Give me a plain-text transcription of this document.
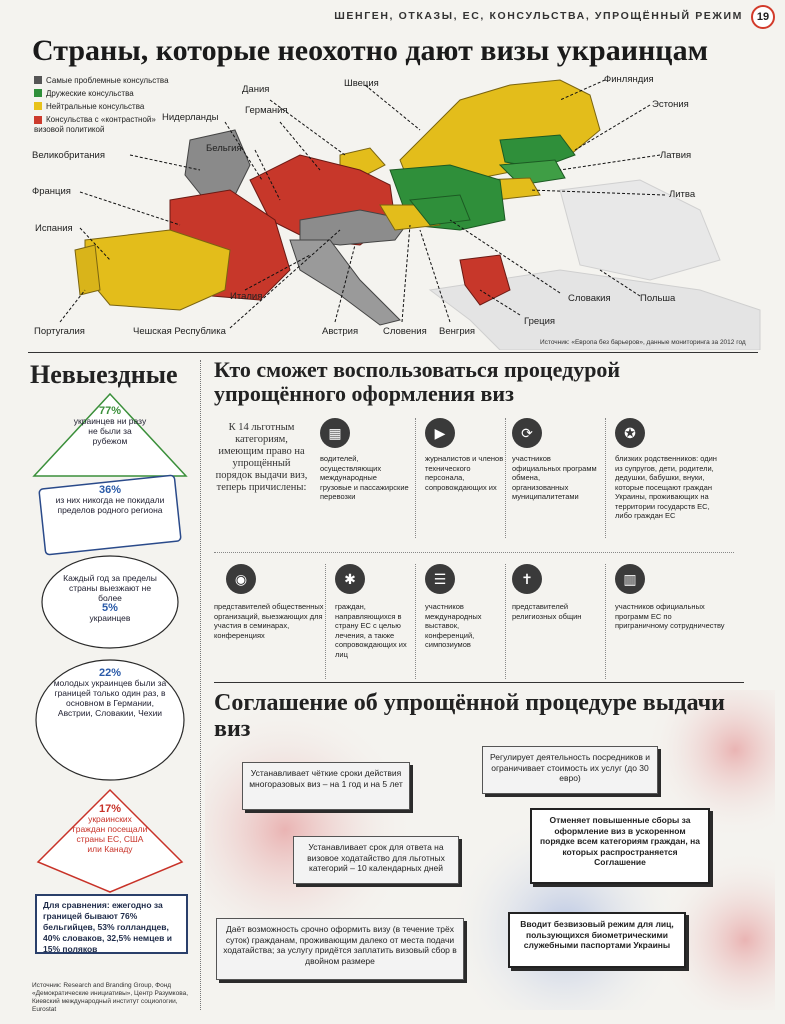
ШЕНГЕН, ОТКАЗЫ, ЕС, КОНСУЛЬСТВА, УПРОЩЁННЫЙ РЕЖИМ	19
Страны, которые неохотно дают визы украинцам
Самые проблемные консульства
Дружеские консульства
Нейтральные консульства
Консульства с «контрастной» визовой политикой
Дания
Швеция	Финляндия
Германия
Нидерланды
Эстония
Бельгия
Великобритания	Латвия
Франция	Литва
Испания
Италия	Словакия	Польша
Греция
Португалия	Чешская Республика	Австрия	Словения Венгрия
Источник: «Европа без барьеров», данные мониторинга за 2012 год
Невыездные
77%
украинцев ни разу не были за рубежом
36%
из них никогда не покидали пределов родного региона
Каждый год за пределы страны выезжают не более
5%
украинцев
22%
молодых украинцев были за границей только один раз, в основном в Германии, Австрии, Словакии, Чехии
17%
украинских граждан посещали страны ЕС, США или Канаду
Для сравнения: ежегодно за границей бывают 76% бельгийцев, 53% голландцев, 40% словаков, 32,5% немцев и 15% поляков
Источник: Research and Branding Group, Фонд «Демократические инициативы», Центр Разумкова, Киевский международный институт социологии, Eurostat
Кто сможет воспользоваться процедурой упрощённого оформления виз
К 14 льготным категориям, имеющим право на упрощённый порядок выдачи виз, теперь причислены:
▦
водителей, осуществляющих международные грузовые и пассажирские перевозки
▶
журналистов и членов технического персонала, сопровождающих их
⟳
участников официальных программ обмена, организованных муниципалитетами
✪
близких родственников: один из супругов, дети, родители, дедушки, бабушки, внуки, которые посещают граждан Украины, проживающих на территории государств ЕС, либо граждан ЕС
◉
представителей общественных организаций, выезжающих для участия в семинарах, конференциях
✱
граждан, направляющихся в страну ЕС с целью лечения, а также сопровождающих их лиц
☰
участников международных выставок, конференций, симпозиумов
✝
представителей религиозных общин
▥
участников официальных программ ЕС по приграничному сотрудничеству
Соглашение об упрощённой процедуре выдачи виз
Устанавливает чёткие сроки действия многоразовых виз – на 1 год и на 5 лет
Регулирует деятельность посредников и ограничивает стоимость их услуг (до 30 евро)
Устанавливает срок для ответа на визовое ходатайство для льготных категорий – 10 календарных дней
Отменяет повышенные сборы за оформление виз в ускоренном порядке всем категориям граждан, на которых распространяется Соглашение
Даёт возможность срочно оформить визу (в течение трёх суток) гражданам, проживающим далеко от места подачи ходатайства; за услугу придётся заплатить визовый сбор в двойном размере
Вводит безвизовый режим для лиц, пользующихся биометрическими служебными паспортами Украины
